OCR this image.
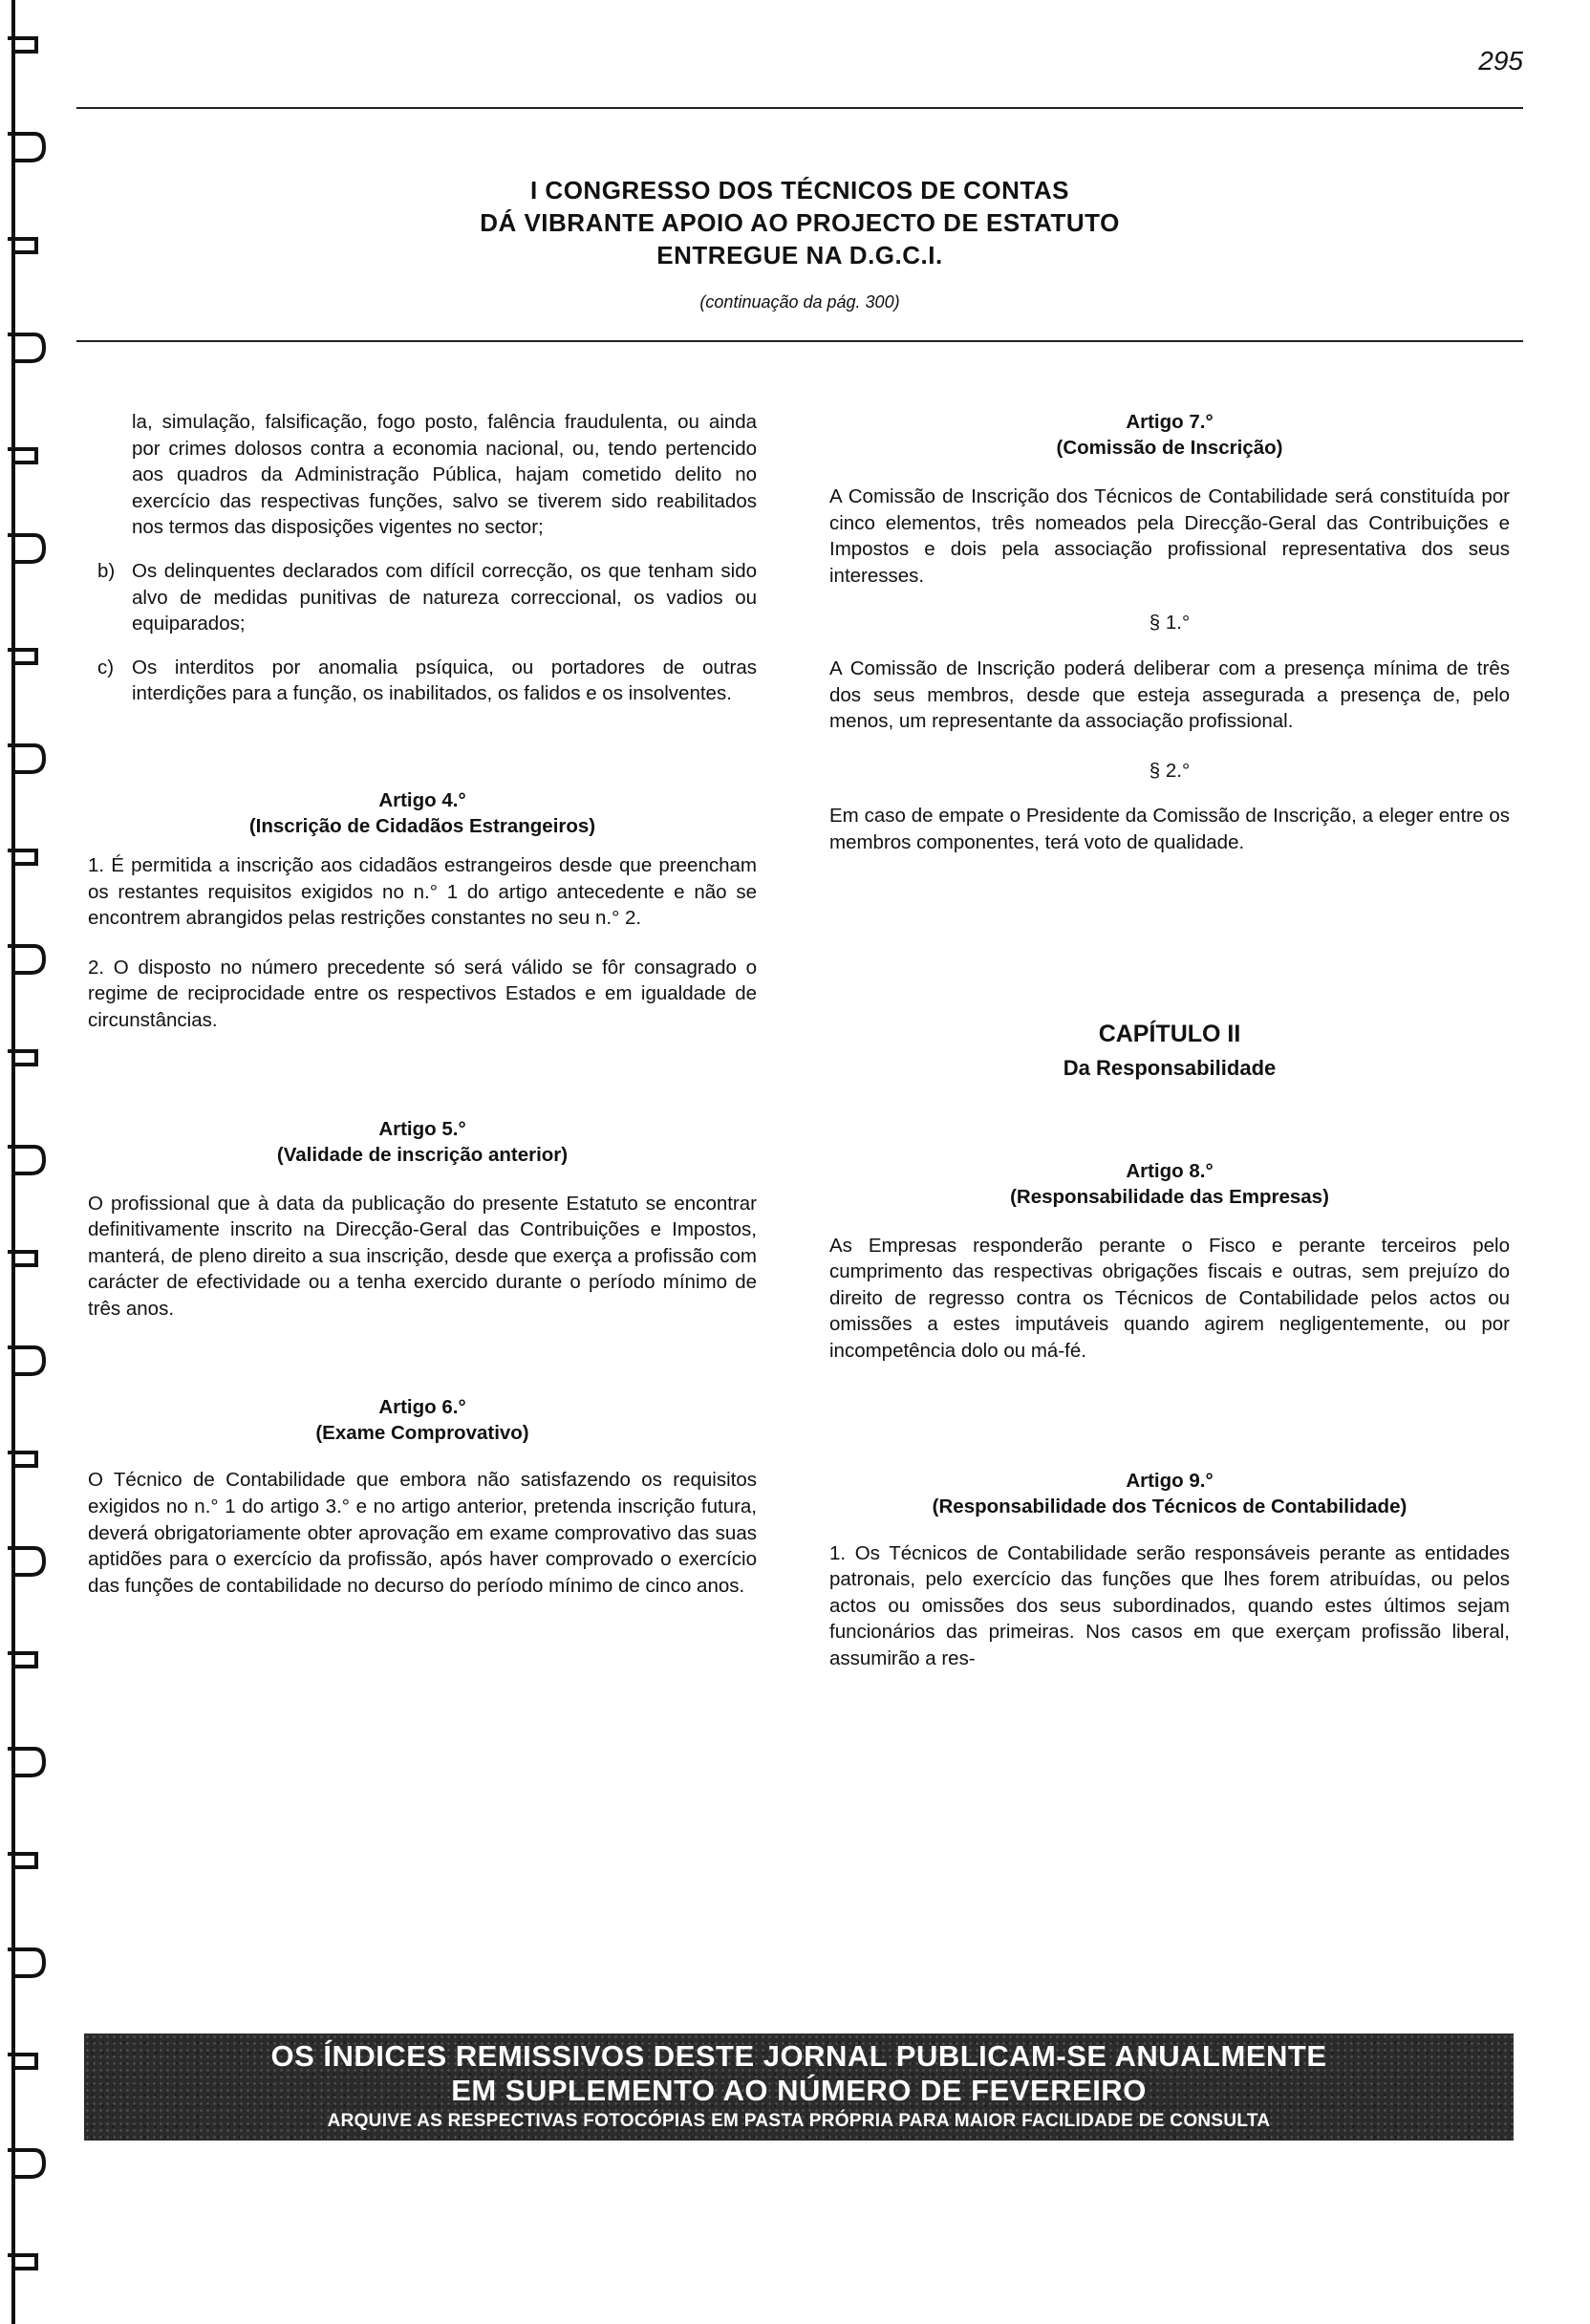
295
I CONGRESSO DOS TÉCNICOS DE CONTAS
DÁ VIBRANTE APOIO AO PROJECTO DE ESTATUTO
ENTREGUE NA D.G.C.I.
(continuação da pág. 300)

la, simulação, falsificação, fogo posto, falência fraudulenta, ou ainda por crimes dolosos contra a economia nacional, ou, tendo pertencido aos quadros da Administração Pública, hajam cometido delito no exercício das respectivas funções, salvo se tiverem sido reabilitados nos termos das disposições vigentes no sector;

b) Os delinquentes declarados com difícil correcção, os que tenham sido alvo de medidas punitivas de natureza correccional, os vadios ou equiparados;

c) Os interditos por anomalia psíquica, ou portadores de outras interdições para a função, os inabilitados, os falidos e os insolventes.

Artigo 4.°
(Inscrição de Cidadãos Estrangeiros)

1. É permitida a inscrição aos cidadãos estrangeiros desde que preencham os restantes requisitos exigidos no n.° 1 do artigo antecedente e não se encontrem abrangidos pelas restrições constantes no seu n.° 2.

2. O disposto no número precedente só será válido se fôr consagrado o regime de reciprocidade entre os respectivos Estados e em igualdade de circunstâncias.

Artigo 5.°
(Validade de inscrição anterior)

O profissional que à data da publicação do presente Estatuto se encontrar definitivamente inscrito na Direcção-Geral das Contribuições e Impostos, manterá, de pleno direito a sua inscrição, desde que exerça a profissão com carácter de efectividade ou a tenha exercido durante o período mínimo de três anos.

Artigo 6.°
(Exame Comprovativo)

O Técnico de Contabilidade que embora não satisfazendo os requisitos exigidos no n.° 1 do artigo 3.° e no artigo anterior, pretenda inscrição futura, deverá obrigatoriamente obter aprovação em exame comprovativo das suas aptidões para o exercício da profissão, após haver comprovado o exercício das funções de contabilidade no decurso do período mínimo de cinco anos.

Artigo 7.°
(Comissão de Inscrição)

A Comissão de Inscrição dos Técnicos de Contabilidade será constituída por cinco elementos, três nomeados pela Direcção-Geral das Contribuições e Impostos e dois pela associação profissional representativa dos seus interesses.

§ 1.°

A Comissão de Inscrição poderá deliberar com a presença mínima de três dos seus membros, desde que esteja assegurada a presença de, pelo menos, um representante da associação profissional.

§ 2.°

Em caso de empate o Presidente da Comissão de Inscrição, a eleger entre os membros componentes, terá voto de qualidade.

CAPÍTULO II
Da Responsabilidade
Artigo 8.°
(Responsabilidade das Empresas)

As Empresas responderão perante o Fisco e perante terceiros pelo cumprimento das respectivas obrigações fiscais e outras, sem prejuízo do direito de regresso contra os Técnicos de Contabilidade pelos actos ou omissões a estes imputáveis quando agirem negligentemente, ou por incompetência dolo ou má-fé.

Artigo 9.°
(Responsabilidade dos Técnicos de Contabilidade)

1. Os Técnicos de Contabilidade serão responsáveis perante as entidades patronais, pelo exercício das funções que lhes forem atribuídas, ou pelos actos ou omissões dos seus subordinados, quando estes últimos sejam funcionários das primeiras. Nos casos em que exerçam profissão liberal, assumirão a res-

OS ÍNDICES REMISSIVOS DESTE JORNAL PUBLICAM-SE ANUALMENTE
EM SUPLEMENTO AO NÚMERO DE FEVEREIRO
ARQUIVE AS RESPECTIVAS FOTOCÓPIAS EM PASTA PRÓPRIA PARA MAIOR FACILIDADE DE CONSULTA
